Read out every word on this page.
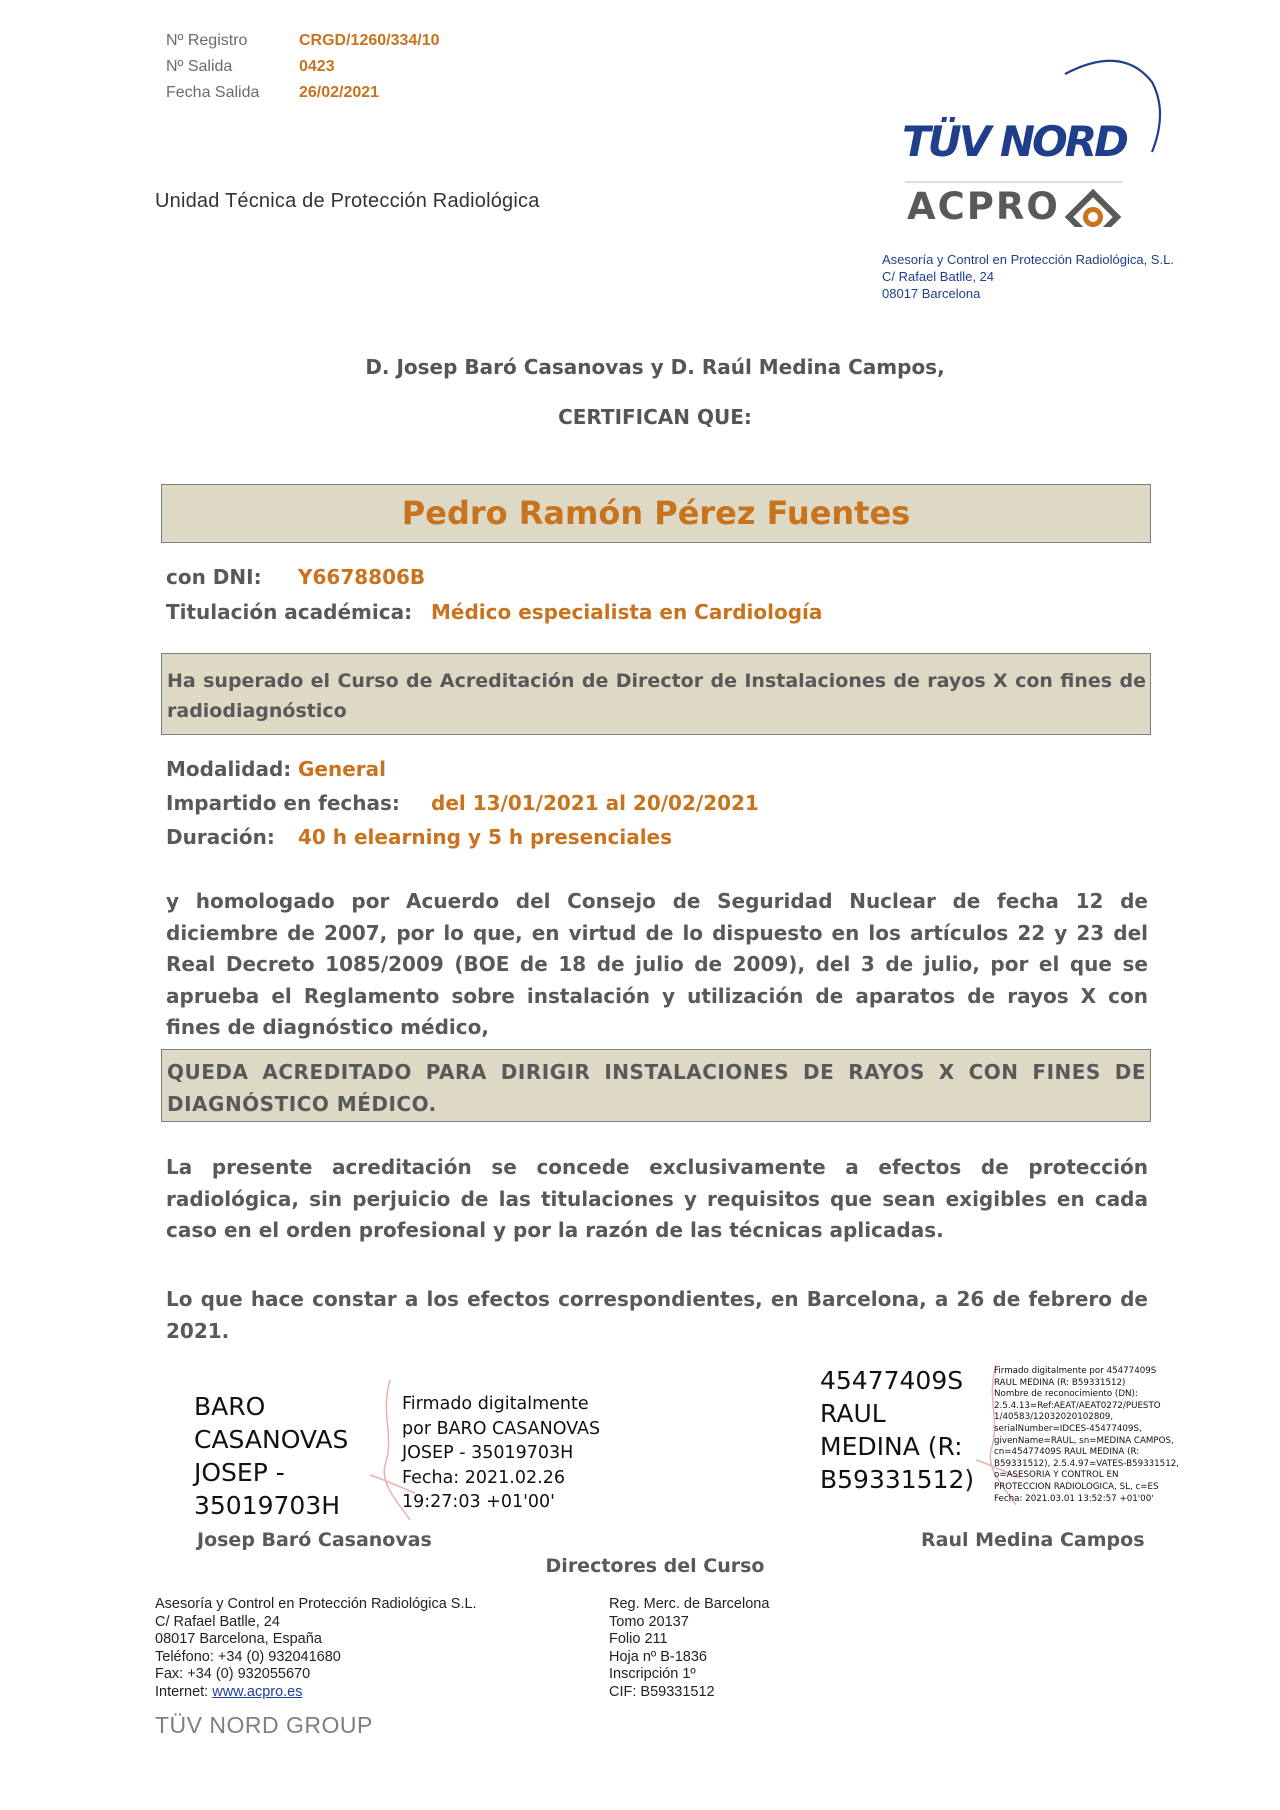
Nº Registro	CRGD/1260/334/10
Nº Salida	0423
Fecha Salida	26/02/2021
Unidad Técnica de Protección Radiológica
TÜV NORD
ACPRO
Asesoría y Control en Protección Radiológica, S.L.
C/ Rafael Batlle, 24
08017 Barcelona
D. Josep Baró Casanovas y D. Raúl Medina Campos,
CERTIFICAN QUE:
Pedro Ramón Pérez Fuentes
con DNI: Y6678806B
Titulación académica: Médico especialista en Cardiología
Ha superado el Curso de Acreditación de Director de Instalaciones de rayos X con fines de radiodiagnóstico
Modalidad: General
Impartido en fechas: del 13/01/2021 al 20/02/2021
Duración: 40 h elearning y 5 h presenciales
y homologado por Acuerdo del Consejo de Seguridad Nuclear de fecha 12 de diciembre de 2007, por lo que, en virtud de lo dispuesto en los artículos 22 y 23 del Real Decreto 1085/2009 (BOE de 18 de julio de 2009), del 3 de julio, por el que se aprueba el Reglamento sobre instalación y utilización de aparatos de rayos X con fines de diagnóstico médico,
QUEDA ACREDITADO PARA DIRIGIR INSTALACIONES DE RAYOS X CON FINES DE DIAGNÓSTICO MÉDICO.
La presente acreditación se concede exclusivamente a efectos de protección radiológica, sin perjuicio de las titulaciones y requisitos que sean exigibles en cada caso en el orden profesional y por la razón de las técnicas aplicadas.
Lo que hace constar a los efectos correspondientes, en Barcelona, a 26 de febrero de 2021.
BARO
CASANOVAS
JOSEP -
35019703H
Firmado digitalmente
por BARO CASANOVAS
JOSEP - 35019703H
Fecha: 2021.02.26
19:27:03 +01'00'
Josep Baró Casanovas
45477409S
RAUL
MEDINA (R:
B59331512)
Firmado digitalmente por 45477409S
RAUL MEDINA (R: B59331512)
Nombre de reconocimiento (DN):
2.5.4.13=Ref:AEAT/AEAT0272/PUESTO
1/40583/12032020102809,
serialNumber=IDCES-45477409S,
givenName=RAUL, sn=MEDINA CAMPOS,
cn=45477409S RAUL MEDINA (R:
B59331512), 2.5.4.97=VATES-B59331512,
o=ASESORIA Y CONTROL EN
PROTECCION RADIOLOGICA, SL, c=ES
Fecha: 2021.03.01 13:52:57 +01'00'
Raul Medina Campos
Directores del Curso
Asesoría y Control en Protección Radiológica S.L.
C/ Rafael Batlle, 24
08017 Barcelona, España
Teléfono: +34 (0) 932041680
Fax: +34 (0) 932055670
Internet: www.acpro.es
Reg. Merc. de Barcelona
Tomo 20137
Folio 211
Hoja nº B-1836
Inscripción 1º
CIF: B59331512
TÜV NORD GROUP
